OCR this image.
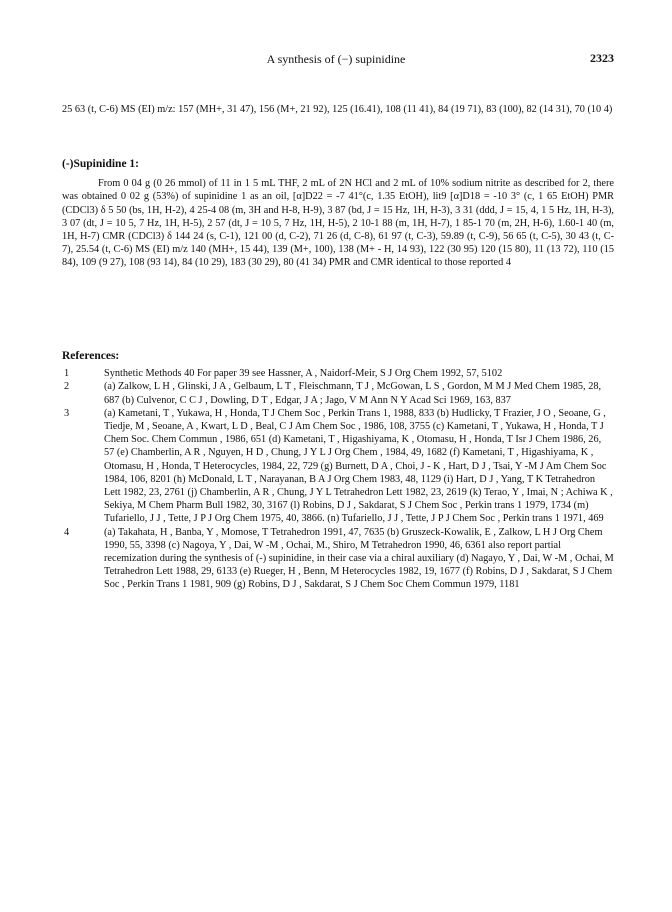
A synthesis of (−) supinidine	2323
25 63 (t, C-6) MS (EI) m/z: 157 (MH+, 31 47), 156 (M+, 21 92), 125 (16.41), 108 (11 41), 84 (19 71), 83 (100), 82 (14 31), 70 (10 4)
(-)Supinidine 1:
From 0 04 g (0 26 mmol) of 11 in 1 5 mL THF, 2 mL of 2N HCl and 2 mL of 10% sodium nitrite as described for 2, there was obtained 0 02 g (53%) of supinidine 1 as an oil, [α]D22 = -7 41°(c, 1.35 EtOH), lit9 [α]D18 = -10 3° (c, 1 65 EtOH) PMR (CDCl3) δ 5 50 (bs, 1H, H-2), 4 25-4 08 (m, 3H and H-8, H-9), 3 87 (bd, J = 15 Hz, 1H, H-3), 3 31 (ddd, J = 15, 4, 1 5 Hz, 1H, H-3), 3 07 (dt, J = 10 5, 7 Hz, 1H, H-5), 2 57 (dt, J = 10 5, 7 Hz, 1H, H-5), 2 10-1 88 (m, 1H, H-7), 1 85-1 70 (m, 2H, H-6), 1.60-1 40 (m, 1H, H-7) CMR (CDCl3) δ 144 24 (s, C-1), 121 00 (d, C-2), 71 26 (d, C-8), 61 97 (t, C-3), 59.89 (t, C-9), 56 65 (t, C-5), 30 43 (t, C-7), 25.54 (t, C-6) MS (EI) m/z 140 (MH+, 15 44), 139 (M+, 100), 138 (M+ - H, 14 93), 122 (30 95) 120 (15 80), 11 (13 72), 110 (15 84), 109 (9 27), 108 (93 14), 84 (10 29), 183 (30 29), 80 (41 34) PMR and CMR identical to those reported 4
References:
1	Synthetic Methods 40 For paper 39 see Hassner, A , Naidorf-Meir, S J Org Chem 1992, 57, 5102
2	(a) Zalkow, L H , Glinski, J A , Gelbaum, L T , Fleischmann, T J , McGowan, L S , Gordon, M M J Med Chem 1985, 28, 687 (b) Culvenor, C C J , Dowling, D T , Edgar, J A ; Jago, V M Ann N Y Acad Sci 1969, 163, 837
3	(a) Kametani, T , Yukawa, H , Honda, T J Chem Soc , Perkin Trans 1, 1988, 833 (b) Hudlicky, T Frazier, J O , Seoane, G , Tiedje, M , Seoane, A , Kwart, L D , Beal, C J Am Chem Soc , 1986, 108, 3755 (c) Kametani, T , Yukawa, H , Honda, T J Chem Soc. Chem Commun , 1986, 651 (d) Kametani, T , Higashiyama, K , Otomasu, H , Honda, T Isr J Chem 1986, 26, 57 (e) Chamberlin, A R , Nguyen, H D , Chung, J Y L J Org Chem , 1984, 49, 1682 (f) Kametani, T , Higashiyama, K , Otomasu, H , Honda, T Heterocycles, 1984, 22, 729 (g) Burnett, D A , Choi, J - K , Hart, D J , Tsai, Y -M J Am Chem Soc 1984, 106, 8201 (h) McDonald, L T , Narayanan, B A J Org Chem 1983, 48, 1129 (i) Hart, D J , Yang, T K Tetrahedron Lett 1982, 23, 2761 (j) Chamberlin, A R , Chung, J Y L Tetrahedron Lett 1982, 23, 2619 (k) Terao, Y , Imai, N ; Achiwa K , Sekiya, M Chem Pharm Bull 1982, 30, 3167 (l) Robins, D J , Sakdarat, S J Chem Soc , Perkin trans 1 1979, 1734 (m) Tufariello, J J , Tette, J P J Org Chem 1975, 40, 3866. (n) Tufariello, J J , Tette, J P J Chem Soc , Perkin trans 1 1971, 469
4	(a) Takahata, H , Banba, Y , Momose, T Tetrahedron 1991, 47, 7635 (b) Gruszeck-Kowalik, E , Zalkow, L H J Org Chem 1990, 55, 3398 (c) Nagoya, Y , Dai, W -M , Ochai, M., Shiro, M Tetrahedron 1990, 46, 6361 also report partial recemization during the synthesis of (-) supinidine, in their case via a chiral auxiliary (d) Nagayo, Y , Dai, W -M , Ochai, M Tetrahedron Lett 1988, 29, 6133 (e) Rueger, H , Benn, M Heterocycles 1982, 19, 1677 (f) Robins, D J , Sakdarat, S J Chem Soc , Perkin Trans 1 1981, 909 (g) Robins, D J , Sakdarat, S J Chem Soc Chem Commun 1979, 1181
